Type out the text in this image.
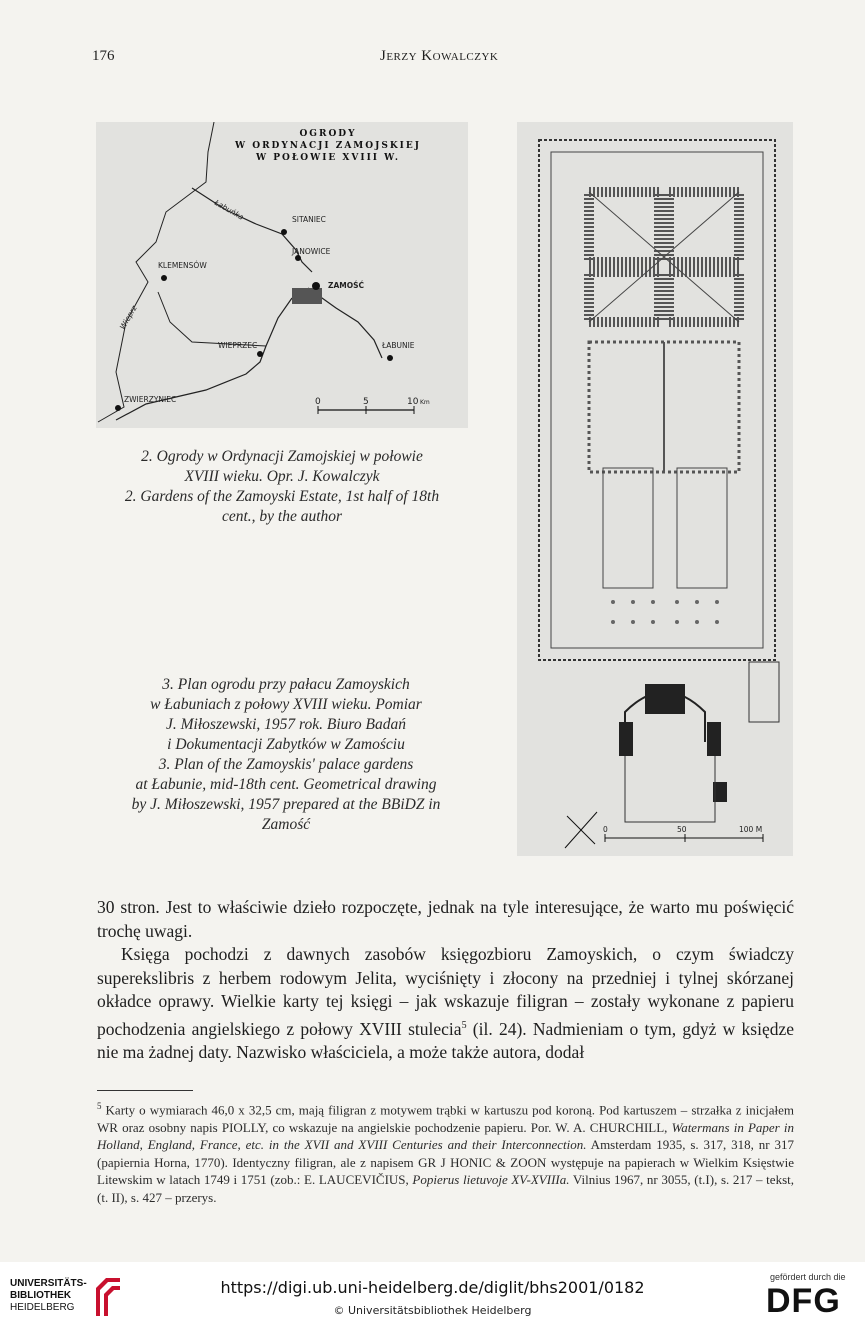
176	Jerzy Kowalczyk
OGRODY
W ORDYNACJI ZAMOJSKIEJ
W POŁOWIE XVIII W.
SITANIEC
JANOWICE
ZAMOŚĆ
KLEMENSÓW
WIEPRZEC	ŁABUNIE
ZWIERZYNIEC
Łabuńka
Wieprz
0	5	10 Km
2. Ogrody w Ordynacji Zamojskiej w połowie
XVIII wieku. Opr. J. Kowalczyk
2. Gardens of the Zamoyski Estate, 1st half of 18th
cent., by the author
0	50	100 M
3. Plan ogrodu przy pałacu Zamoyskich
w Łabuniach z połowy XVIII wieku. Pomiar
J. Miłoszewski, 1957 rok. Biuro Badań
i Dokumentacji Zabytków w Zamościu
3. Plan of the Zamoyskis' palace gardens
at Łabunie, mid-18th cent. Geometrical drawing
by J. Miłoszewski, 1957 prepared at the BBiDZ in
Zamość

30 stron. Jest to właściwie dzieło rozpoczęte, jednak na tyle interesujące, że warto mu poświęcić trochę uwagi.

Księga pochodzi z dawnych zasobów księgozbioru Zamoyskich, o czym świadczy superekslibris z herbem rodowym Jelita, wyciśnięty i złocony na przedniej i tylnej skórzanej okładce oprawy. Wielkie karty tej księgi – jak wskazuje filigran – zostały wykonane z papieru pochodzenia angielskiego z połowy XVIII stulecia$^5$ (il. 24). Nadmieniam o tym, gdyż w księdze nie ma żadnej daty. Nazwisko właściciela, a może także autora, dodał

$^5$ Karty o wymiarach 46,0 x 32,5 cm, mają filigran z motywem trąbki w kartuszu pod koroną. Pod kartuszem – strzałka z inicjałem WR oraz osobny napis PIOLLY, co wskazuje na angielskie pochodzenie papieru. Por. W. A. CHURCHILL, Watermans in Paper in Holland, England, France, etc. in the XVII and XVIII Centuries and their Interconnection. Amsterdam 1935, s. 317, 318, nr 317 (papiernia Horna, 1770). Identyczny filigran, ale z napisem GR J HONIC & ZOON występuje na papierach w Wielkim Księstwie Litewskim w latach 1749 i 1751 (zob.: E. LAUCEVIČIUS, Popierus lietuvoje XV-XVIIIa. Vilnius 1967, nr 3055, (t.I), s. 217 – tekst, (t. II), s. 427 – przerys.

UNIVERSITÄTS-
BIBLIOTHEK
HEIDELBERG
https://digi.ub.uni-heidelberg.de/diglit/bhs2001/0182
© Universitätsbibliothek Heidelberg
gefördert durch die
DFG
